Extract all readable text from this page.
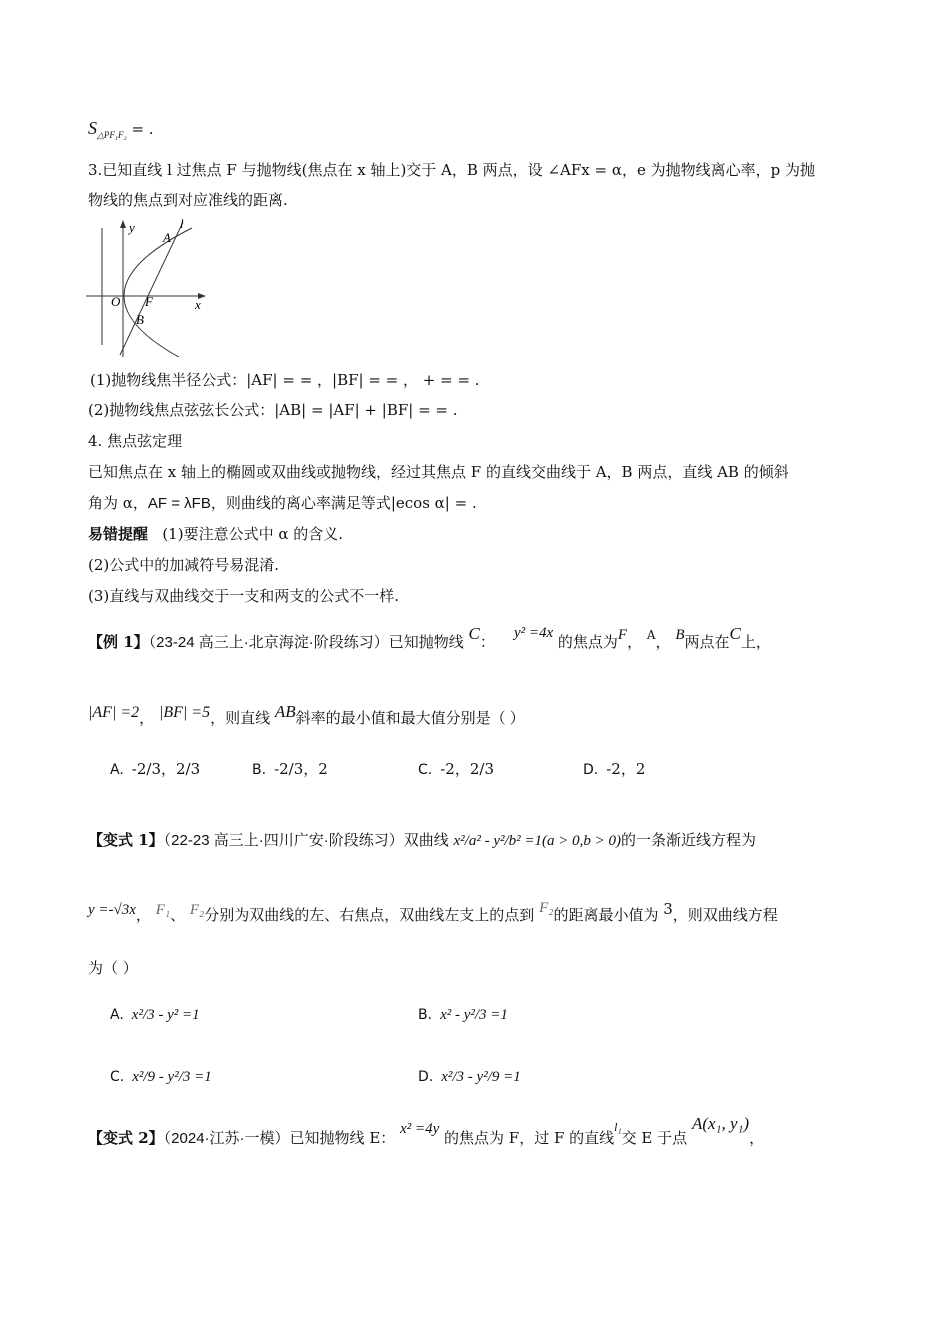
$S_{\triangle PF_1F_2}$ = .
3.已知直线 l 过焦点 F 与抛物线(焦点在 x 轴上)交于 A，B 两点，设 ∠AFx = α，e 为抛物线离心率，p 为抛
物线的焦点到对应准线的距离.
y
A
l
O F	x
B
(1)抛物线焦半径公式：|AF| = = ，|BF| = = ， + = = .
(2)抛物线焦点弦弦长公式：|AB| = |AF| + |BF| = = .
4. 焦点弦定理
已知焦点在 x 轴上的椭圆或双曲线或抛物线，经过其焦点 F 的直线交曲线于 A，B 两点，直线 AB 的倾斜
角为 α，AF = λFB，则曲线的离心率满足等式|ecos α| = .
易错提醒 (1)要注意公式中 α 的含义.
(2)公式中的加减符号易混淆.
(3)直线与双曲线交于一支和两支的公式不一样.
【例 1】（23-24 高三上·北京海淀·阶段练习）已知抛物线 C： y² =4x 的焦点为F， $^A$， B两点在C上，
|AF| =2， |BF| =5，则直线 AB斜率的最小值和最大值分别是（ ）
A. -2/3，2/3	B. -2/3，2	C. -2，2/3	D. -2，2
【变式 1】（22-23 高三上·四川广安·阶段练习）双曲线 x²/a² - y²/b² =1(a > 0,b > 0)的一条渐近线方程为
y =-√3x， F₁、 F₂分别为双曲线的左、右焦点，双曲线左支上的点到 F₂的距离最小值为 3，则双曲线方程
为（ ）
A. x²/3 - y² =1	B. x² - y²/3 =1
C. x²/9 - y²/3 =1	D. x²/3 - y²/9 =1
【变式 2】（2024·江苏·一模）已知抛物线 E： x² =4y 的焦点为 F，过 F 的直线$^{l_1}$交 E 于点 A(x₁, y₁)，
